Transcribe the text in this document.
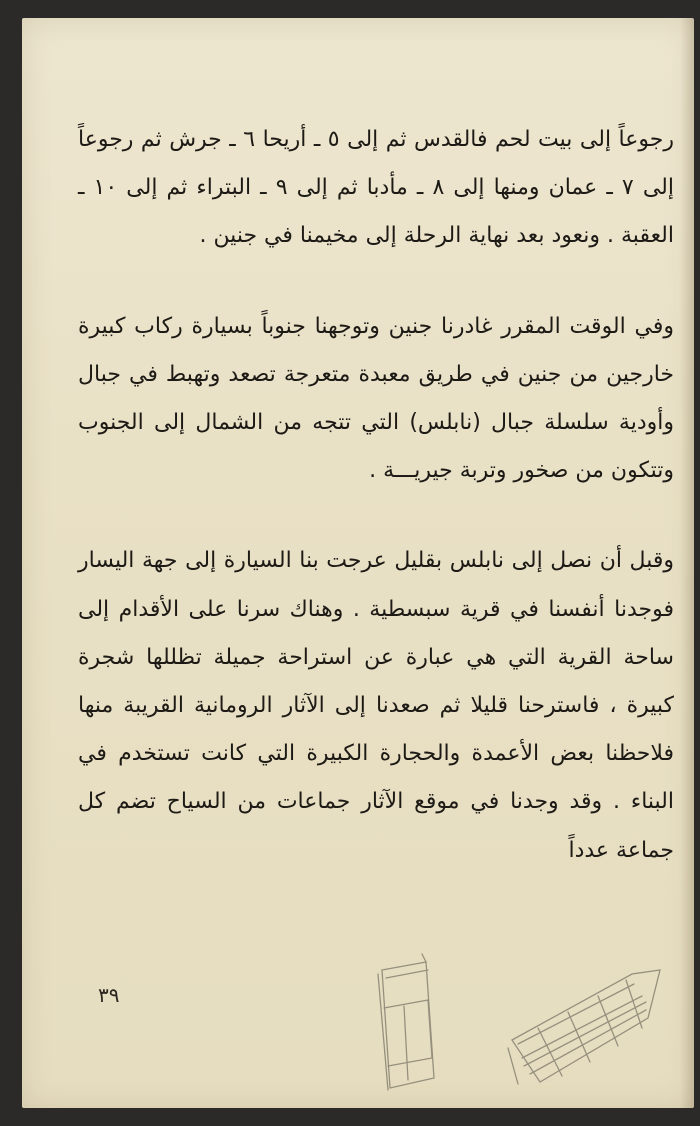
رجوعاً إلى بيت لحم فالقدس ثم إلى ٥ ـ أريحا ٦ ـ جرش ثم رجوعاً إلى ٧ ـ عمان ومنها إلى ٨ ـ مأدبا ثم إلى ٩ ـ البتراء ثم إلى ١٠ ـ العقبة . ونعود بعد نهاية الرحلة إلى مخيمنا في جنين .

وفي الوقت المقرر غادرنا جنين وتوجهنا جنوباً بسيارة ركاب كبيرة خارجين من جنين في طريق معبدة متعرجة تصعد وتهبط في جبال وأودية سلسلة جبال (نابلس) التي تتجه من الشمال إلى الجنوب وتتكون من صخور وتربة جيريـــة .

وقبل أن نصل إلى نابلس بقليل عرجت بنا السيارة إلى جهة اليسار فوجدنا أنفسنا في قرية سبسطية . وهناك سرنا على الأقدام إلى ساحة القرية التي هي عبارة عن استراحة جميلة تظللها شجرة كبيرة ، فاسترحنا قليلا ثم صعدنا إلى الآثار الرومانية القريبة منها فلاحظنا بعض الأعمدة والحجارة الكبيرة التي كانت تستخدم في البناء . وقد وجدنا في موقع الآثار جماعات من السياح تضم كل جماعة عدداً

٣٩
